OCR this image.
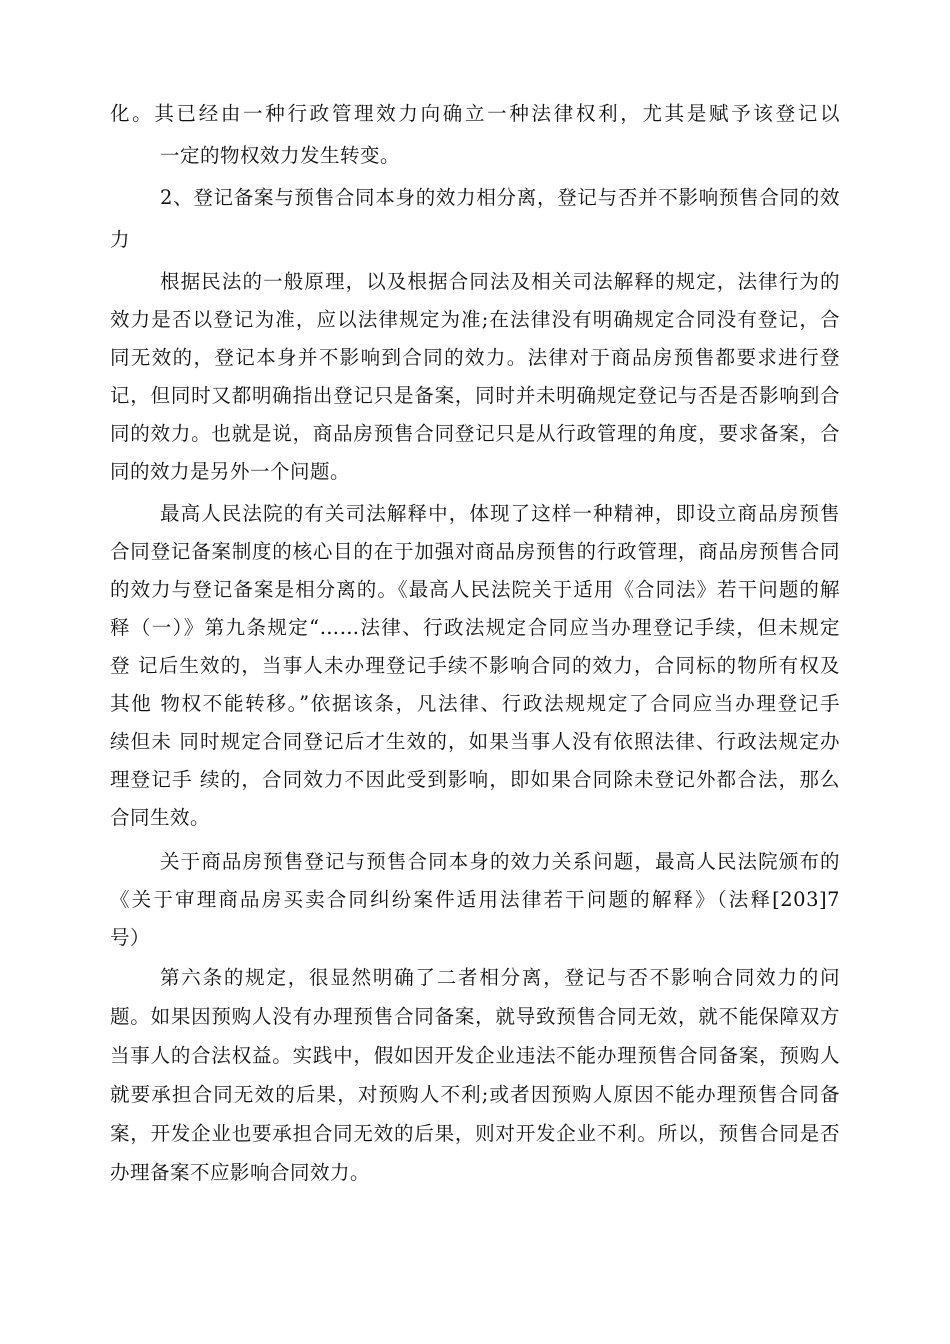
化。其已经由一种行政管理效力向确立一种法律权利，尤其是赋予该登记以
一定的物权效力发生转变。
2、登记备案与预售合同本身的效力相分离，登记与否并不影响预售合同的效
力
根据民法的一般原理，以及根据合同法及相关司法解释的规定，法律行为的
效力是否以登记为准，应以法律规定为准;在法律没有明确规定合同没有登记，合
同无效的，登记本身并不影响到合同的效力。法律对于商品房预售都要求进行登
记，但同时又都明确指出登记只是备案，同时并未明确规定登记与否是否影响到合
同的效力。也就是说，商品房预售合同登记只是从行政管理的角度，要求备案，合
同的效力是另外一个问题。
最高人民法院的有关司法解释中，体现了这样一种精神，即设立商品房预售
合同登记备案制度的核心目的在于加强对商品房预售的行政管理，商品房预售合同
的效力与登记备案是相分离的。《最高人民法院关于适用《合同法》若干问题的解
释（一）》第九条规定“……法律、行政法规定合同应当办理登记手续，但未规定
登 记后生效的，当事人未办理登记手续不影响合同的效力，合同标的物所有权及
其他 物权不能转移。”依据该条，凡法律、行政法规规定了合同应当办理登记手
续但未 同时规定合同登记后才生效的，如果当事人没有依照法律、行政法规定办
理登记手 续的，合同效力不因此受到影响，即如果合同除未登记外都合法，那么
合同生效。
关于商品房预售登记与预售合同本身的效力关系问题，最高人民法院颁布的
《关于审理商品房买卖合同纠纷案件适用法律若干问题的解释》（法释[203]7
号）
第六条的规定，很显然明确了二者相分离，登记与否不影响合同效力的问
题。如果因预购人没有办理预售合同备案，就导致预售合同无效，就不能保障双方
当事人的合法权益。实践中，假如因开发企业违法不能办理预售合同备案，预购人
就要承担合同无效的后果，对预购人不利;或者因预购人原因不能办理预售合同备
案，开发企业也要承担合同无效的后果，则对开发企业不利。所以，预售合同是否
办理备案不应影响合同效力。
